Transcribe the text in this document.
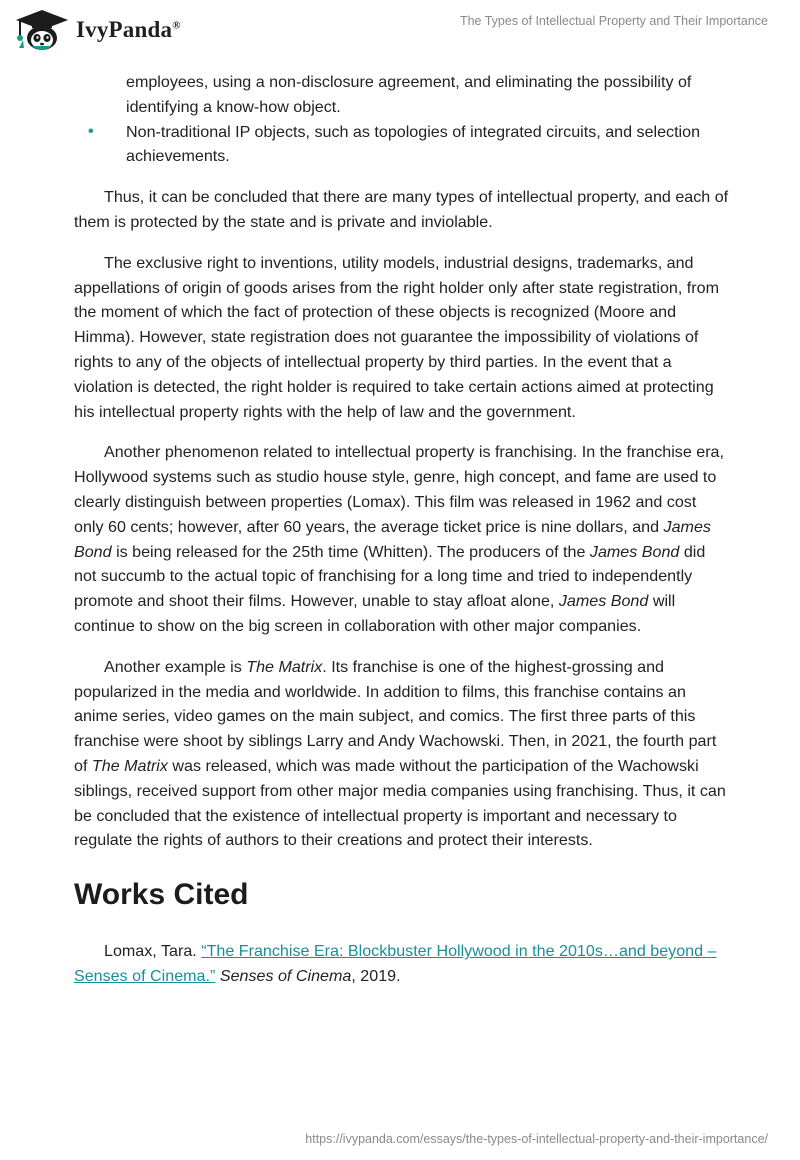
IvyPanda®	The Types of Intellectual Property and Their Importance
employees, using a non-disclosure agreement, and eliminating the possibility of identifying a know-how object.
• Non-traditional IP objects, such as topologies of integrated circuits, and selection achievements.

Thus, it can be concluded that there are many types of intellectual property, and each of them is protected by the state and is private and inviolable.

The exclusive right to inventions, utility models, industrial designs, trademarks, and appellations of origin of goods arises from the right holder only after state registration, from the moment of which the fact of protection of these objects is recognized (Moore and Himma). However, state registration does not guarantee the impossibility of violations of rights to any of the objects of intellectual property by third parties. In the event that a violation is detected, the right holder is required to take certain actions aimed at protecting his intellectual property rights with the help of law and the government.

Another phenomenon related to intellectual property is franchising. In the franchise era, Hollywood systems such as studio house style, genre, high concept, and fame are used to clearly distinguish between properties (Lomax). This film was released in 1962 and cost only 60 cents; however, after 60 years, the average ticket price is nine dollars, and James Bond is being released for the 25th time (Whitten). The producers of the James Bond did not succumb to the actual topic of franchising for a long time and tried to independently promote and shoot their films. However, unable to stay afloat alone, James Bond will continue to show on the big screen in collaboration with other major companies.

Another example is The Matrix. Its franchise is one of the highest-grossing and popularized in the media and worldwide. In addition to films, this franchise contains an anime series, video games on the main subject, and comics. The first three parts of this franchise were shoot by siblings Larry and Andy Wachowski. Then, in 2021, the fourth part of The Matrix was released, which was made without the participation of the Wachowski siblings, received support from other major media companies using franchising. Thus, it can be concluded that the existence of intellectual property is important and necessary to regulate the rights of authors to their creations and protect their interests.

Works Cited

Lomax, Tara. “The Franchise Era: Blockbuster Hollywood in the 2010s…and beyond – Senses of Cinema.” Senses of Cinema, 2019.

https://ivypanda.com/essays/the-types-of-intellectual-property-and-their-importance/
